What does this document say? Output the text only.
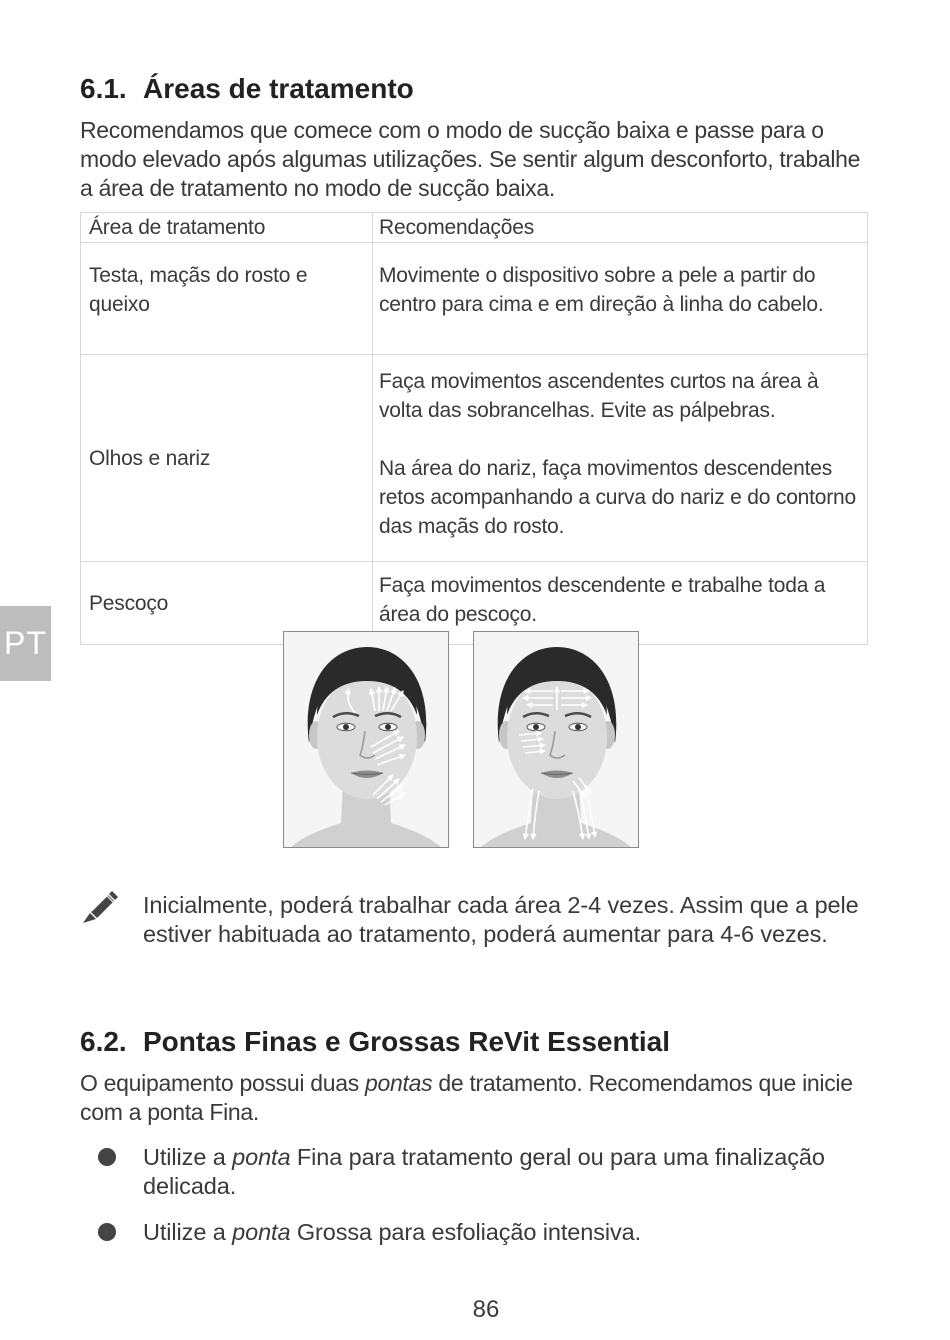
6.1. Áreas de tratamento

Recomendamos que comece com o modo de sucção baixa e passe para o modo elevado após algumas utilizações. Se sentir algum desconforto, trabalhe a área de tratamento no modo de sucção baixa.

Área de tratamento	Recomendações
Testa, maçãs do rosto e queixo	Movimente o dispositivo sobre a pele a partir do centro para cima e em direção à linha do cabelo.

Olhos e nariz	Faça movimentos ascendentes curtos na área à volta das sobrancelhas. Evite as pálpebras.

Na área do nariz, faça movimentos descendentes retos acompanhando a curva do nariz e do contorno das maçãs do rosto.

Pescoço	Faça movimentos descendente e trabalhe toda a área do pescoço.

PT

Inicialmente, poderá trabalhar cada área 2-4 vezes. Assim que a pele estiver habituada ao tratamento, poderá aumentar para 4-6 vezes.

6.2. Pontas Finas e Grossas ReVit Essential

O equipamento possui duas pontas de tratamento. Recomendamos que inicie com a ponta Fina.

Utilize a ponta Fina para tratamento geral ou para uma finalização delicada.

Utilize a ponta Grossa para esfoliação intensiva.

86
